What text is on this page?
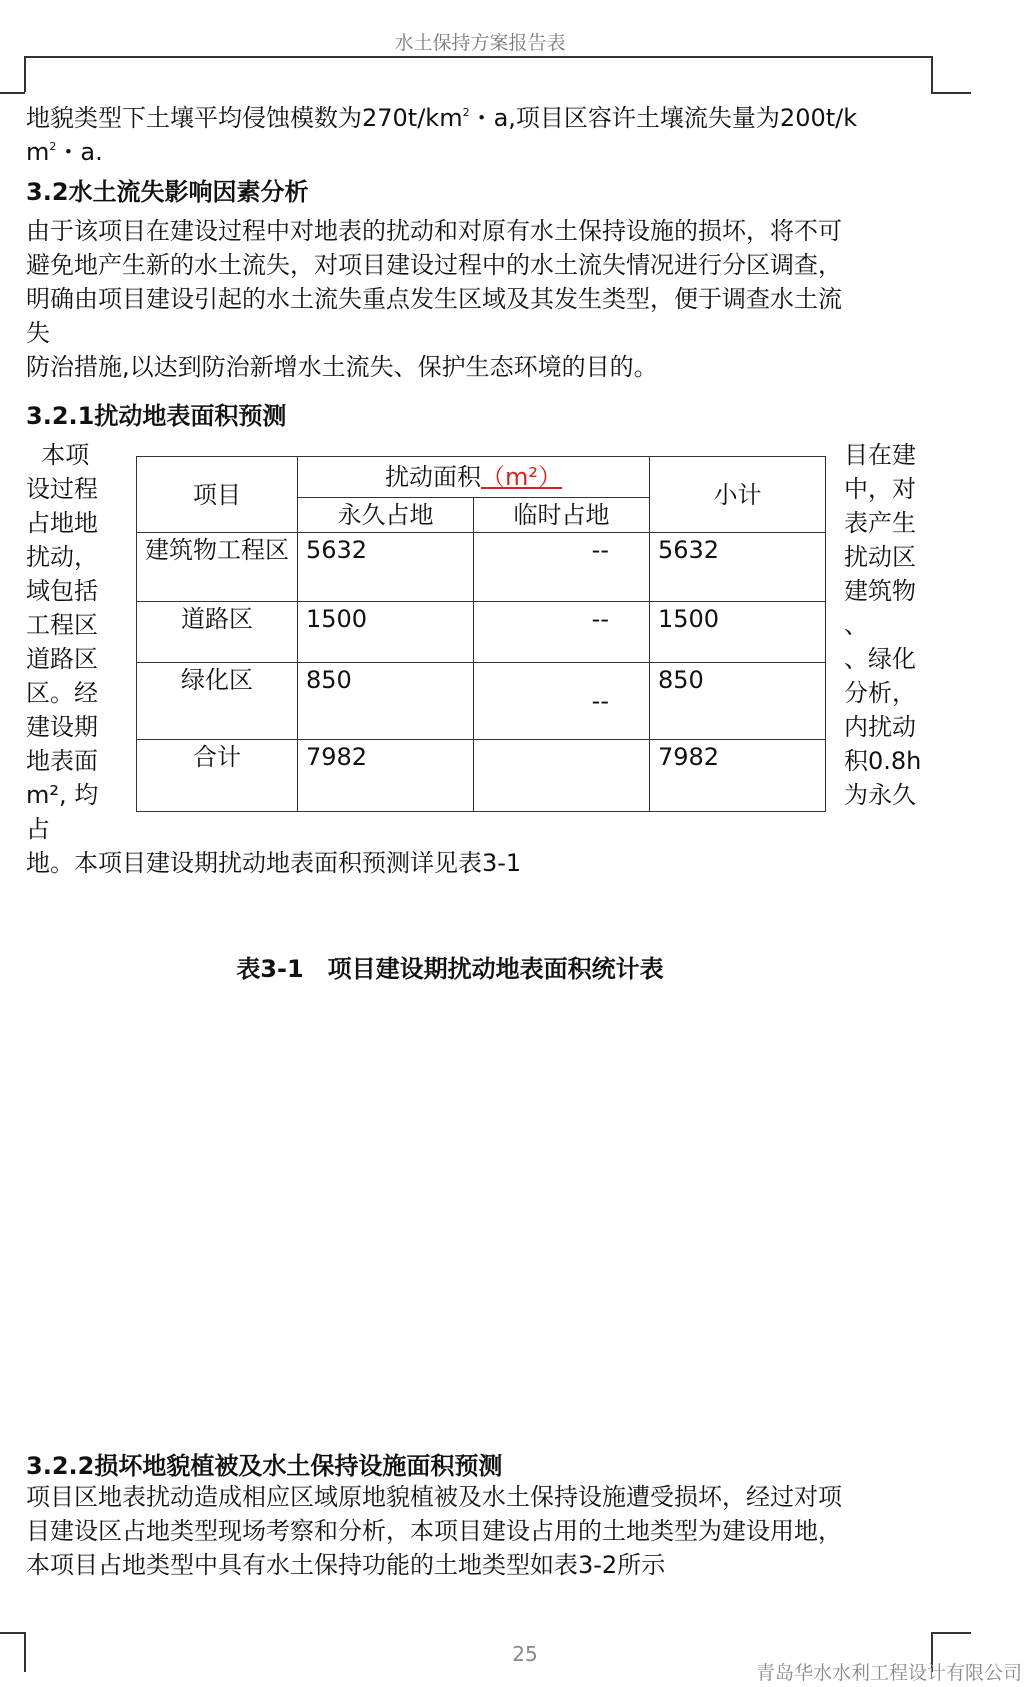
水土保持方案报告表
地貌类型下土壤平均侵蚀模数为$270t/km^2$・a,项目区容许土壤流失量为200t/k
$m^2$・a.
3.2水土流失影响因素分析
由于该项目在建设过程中对地表的扰动和对原有水土保持设施的损坏，将不可
避免地产生新的水土流失，对项目建设过程中的水土流失情况进行分区调查，
明确由项目建设引起的水土流失重点发生区域及其发生类型，便于调查水土流
失
防治措施,以达到防治新增水土流失、保护生态环境的目的。
3.2.1扰动地表面积预测
本项
设过程
占地地
扰动，
域包括
工程区
道路区
区。经
建设期
地表面
m², 均
占
目在建
中，对
表产生
扰动区
建筑物
、
、绿化
分析，
内扰动
积0.8h
为永久
项目	扰动面积（m²）		小计
	永久占地	临时占地	
建筑物工程区	5632	--	5632
道路区	1500	--	1500
绿化区	850	--	850
合计	7982		7982
地。本项目建设期扰动地表面积预测详见表3-1
表3-1　项目建设期扰动地表面积统计表
3.2.2损坏地貌植被及水土保持设施面积预测
项目区地表扰动造成相应区域原地貌植被及水土保持设施遭受损坏，经过对项
目建设区占地类型现场考察和分析，本项目建设占用的土地类型为建设用地，
本项目占地类型中具有水土保持功能的土地类型如表3-2所示
25
青岛华水水利工程设计有限公司
